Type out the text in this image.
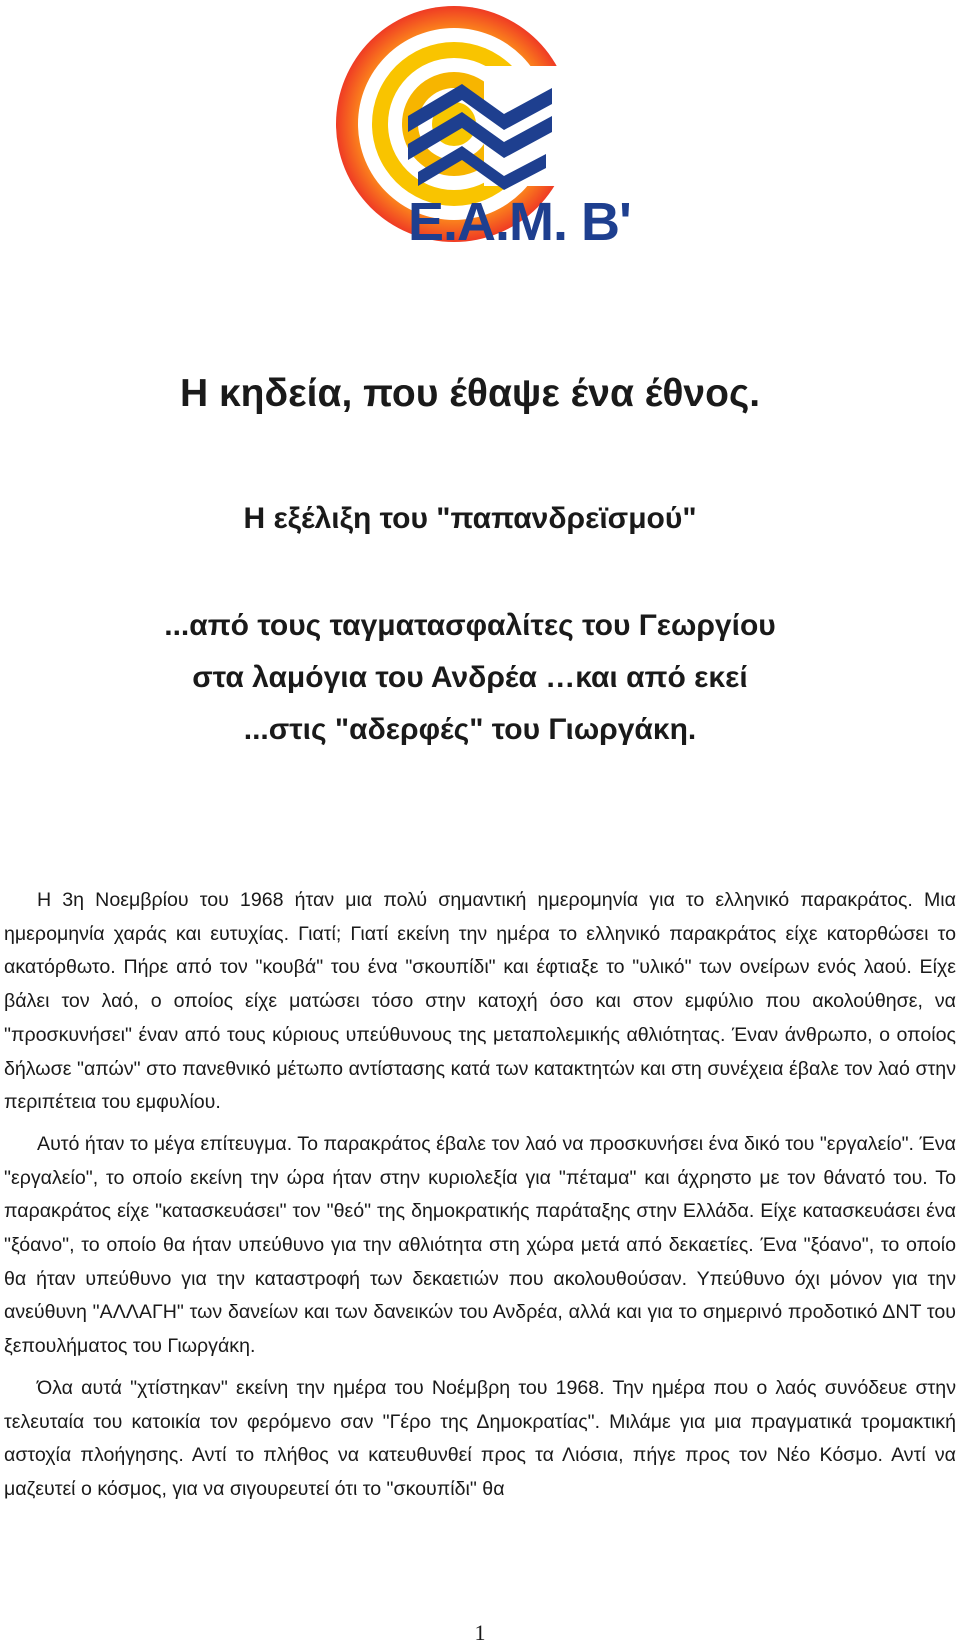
Ε.Α.Μ. Β'
Η κηδεία, που έθαψε ένα έθνος.
Η εξέλιξη του "παπανδρεϊσμού"
...από τους ταγματασφαλίτες του Γεωργίου
στα λαμόγια του Ανδρέα …και από εκεί
...στις "αδερφές" του Γιωργάκη.

Η 3η Νοεμβρίου του 1968 ήταν μια πολύ σημαντική ημερομηνία για το ελληνικό παρακράτος. Μια ημερομηνία χαράς και ευτυχίας. Γιατί; Γιατί εκείνη την ημέρα το ελληνικό παρακράτος είχε κατορθώσει το ακατόρθωτο. Πήρε από τον "κουβά" του ένα "σκουπίδι" και έφτιαξε το "υλικό" των ονείρων ενός λαού. Είχε βάλει τον λαό, ο οποίος είχε ματώσει τόσο στην κατοχή όσο και στον εμφύλιο που ακολούθησε, να "προσκυνήσει" έναν από τους κύριους υπεύθυνους της μεταπολεμικής αθλιότητας. Έναν άνθρωπο, ο οποίος δήλωσε "απών" στο πανεθνικό μέτωπο αντίστασης κατά των κατακτητών και στη συνέχεια έβαλε τον λαό στην περιπέτεια του εμφυλίου.

Αυτό ήταν το μέγα επίτευγμα. Το παρακράτος έβαλε τον λαό να προσκυνήσει ένα δικό του "εργαλείο". Ένα "εργαλείο", το οποίο εκείνη την ώρα ήταν στην κυριολεξία για "πέταμα" και άχρηστο με τον θάνατό του. Το παρακράτος είχε "κατασκευάσει" τον "θεό" της δημοκρατικής παράταξης στην Ελλάδα. Είχε κατασκευάσει ένα "ξόανο", το οποίο θα ήταν υπεύθυνο για την αθλιότητα στη χώρα μετά από δεκαετίες. Ένα "ξόανο", το οποίο θα ήταν υπεύθυνο για την καταστροφή των δεκαετιών που ακολουθούσαν. Υπεύθυνο όχι μόνον για την ανεύθυνη "ΑΛΛΑΓΗ" των δανείων και των δανεικών του Ανδρέα, αλλά και για το σημερινό προδοτικό ΔΝΤ του ξεπουλήματος του Γιωργάκη.

Όλα αυτά "χτίστηκαν" εκείνη την ημέρα του Νοέμβρη του 1968. Την ημέρα που ο λαός συνόδευε στην τελευταία του κατοικία τον φερόμενο σαν "Γέρο της Δημοκρατίας". Μιλάμε για μια πραγματικά τρομακτική αστοχία πλοήγησης. Αντί το πλήθος να κατευθυνθεί προς τα Λιόσια, πήγε προς τον Νέο Κόσμο. Αντί να μαζευτεί ο κόσμος, για να σιγουρευτεί ότι το "σκουπίδι" θα

1
